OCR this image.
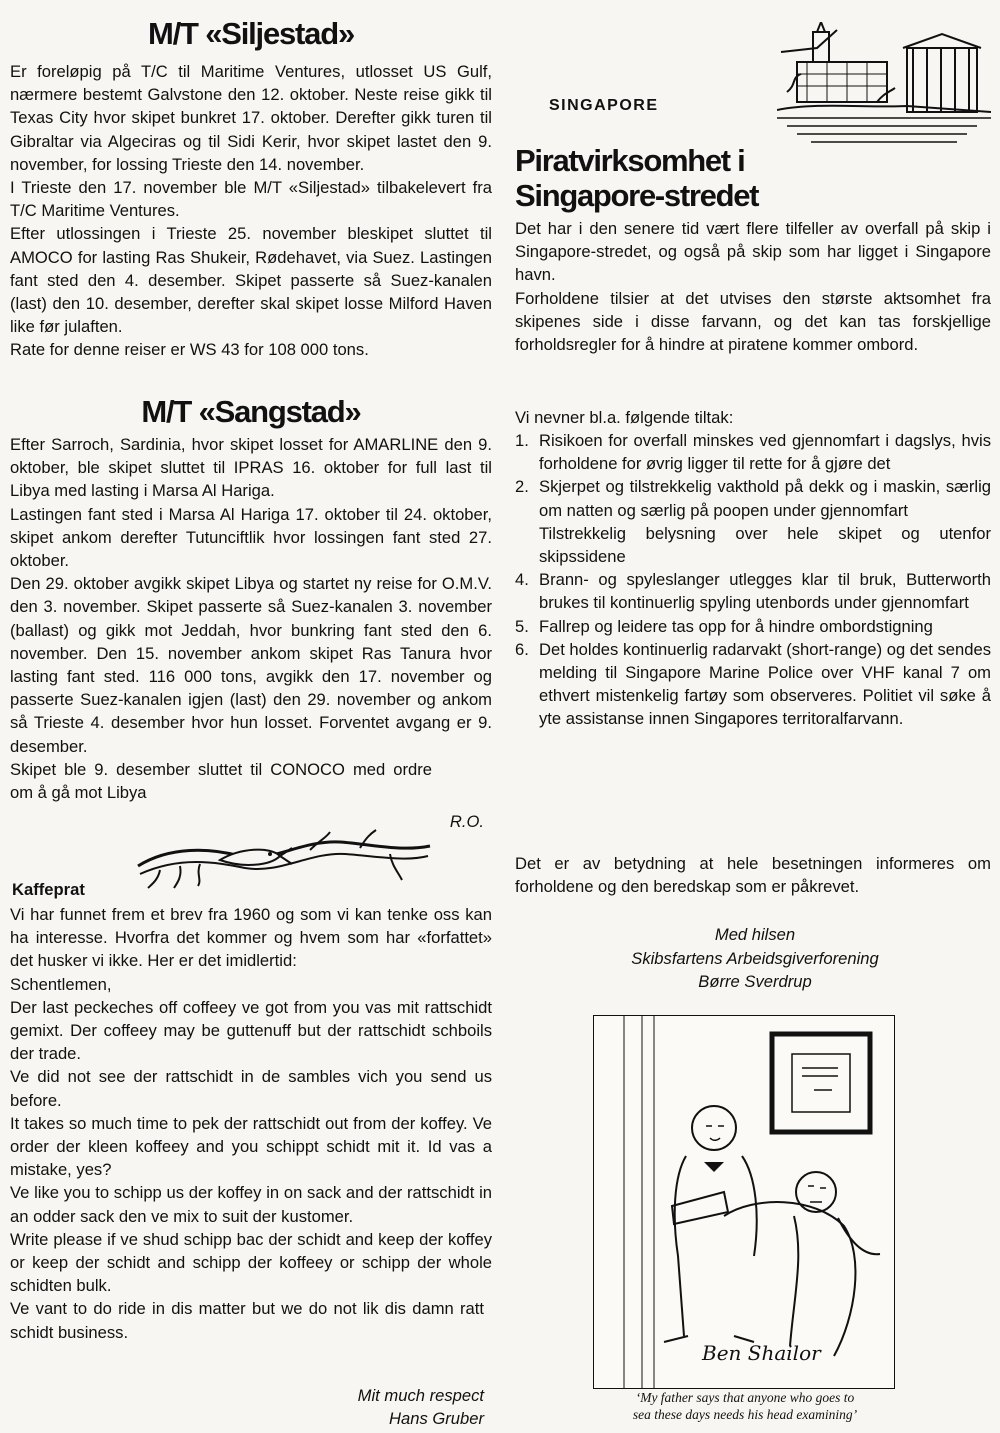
M/T «Siljestad»

Er foreløpig på T/C til Maritime Ventures, utlosset US Gulf, nærmere bestemt Galvstone den 12. oktober. Neste reise gikk til Texas City hvor skipet bunkret 17. oktober. Derefter gikk turen til Gibraltar via Algeciras og til Sidi Kerir, hvor skipet lastet den 9. november, for lossing Trieste den 14. november.

I Trieste den 17. november ble M/T «Siljestad» tilbakelevert fra T/C Maritime Ventures.

Efter utlossingen i Trieste 25. november bleskipet sluttet til AMOCO for lasting Ras Shukeir, Rødehavet, via Suez. Lastingen fant sted den 4. desember. Skipet passerte så Suez-kanalen (last) den 10. desember, derefter skal skipet losse Milford Haven like før julaften.

Rate for denne reiser er WS 43 for 108 000 tons.

M/T «Sangstad»

Efter Sarroch, Sardinia, hvor skipet losset for AMARLINE den 9. oktober, ble skipet sluttet til IPRAS 16. oktober for full last til Libya med lasting i Marsa Al Hariga.

Lastingen fant sted i Marsa Al Hariga 17. oktober til 24. oktober, skipet ankom derefter Tutunciftlik hvor lossingen fant sted 27. oktober.

Den 29. oktober avgikk skipet Libya og startet ny reise for O.M.V. den 3. november. Skipet passerte så Suez-kanalen 3. november (ballast) og gikk mot Jeddah, hvor bunkring fant sted den 6. november. Den 15. november ankom skipet Ras Tanura hvor lasting fant sted. 116 000 tons, avgikk den 17. november og passerte Suez-kanalen igjen (last) den 29. november og ankom så Trieste 4. desember hvor hun losset. Forventet avgang er 9. desember.

Skipet ble 9. desember sluttet til CONOCO med ordre om å gå mot Libya

R.O.
Kaffeprat

Vi har funnet frem et brev fra 1960 og som vi kan tenke oss kan ha interesse. Hvorfra det kommer og hvem som har «forfattet» det husker vi ikke. Her er det imidlertid:

Schentlemen,

Der last peckeches off coffeey ve got from you vas mit rattschidt gemixt. Der coffeey may be guttenuff but der rattschidt schboils der trade.

Ve did not see der rattschidt in de sambles vich you send us before.

It takes so much time to pek der rattschidt out from der koffey. Ve order der kleen koffeey and you schippt schidt mit it. Id vas a mistake, yes?

Ve like you to schipp us der koffey in on sack and der rattschidt in an odder sack den ve mix to suit der kustomer.

Write please if ve shud schipp bac der schidt and keep der koffey or keep der schidt and schipp der koffeey or schipp der whole schidten bulk.

Ve vant to do ride in dis matter but we do not lik dis damn ratt schidt business.

Mit much respect
Hans Gruber
SINGAPORE
Piratvirksomhet i
Singapore-stredet

Det har i den senere tid vært flere tilfeller av overfall på skip i Singapore-stredet, og også på skip som har ligget i Singapore havn.

Forholdene tilsier at det utvises den største aktsomhet fra skipenes side i disse farvann, og det kan tas forskjellige forholdsregler for å hindre at piratene kommer ombord.

Vi nevner bl.a. følgende tiltak:
1. Risikoen for overfall minskes ved gjennomfart i dagslys, hvis forholdene for øvrig ligger til rette for å gjøre det
2. Skjerpet og tilstrekkelig vakthold på dekk og i maskin, særlig om natten og særlig på poopen under gjennomfart
Tilstrekkelig belysning over hele skipet og utenfor skipssidene
4. Brann- og spyleslanger utlegges klar til bruk, Butterworth brukes til kontinuerlig spyling utenbords under gjennomfart
5. Fallrep og leidere tas opp for å hindre ombordstigning
6. Det holdes kontinuerlig radarvakt (short-range) og det sendes melding til Singapore Marine Police over VHF kanal 7 om ethvert mistenkelig fartøy som observeres. Politiet vil søke å yte assistanse innen Singapores territoralfarvann.

Det er av betydning at hele besetningen informeres om forholdene og den beredskap som er påkrevet.

Med hilsen

Skibsfartens Arbeidsgiverforening

Børre Sverdrup

Ben Shailor
‘My father says that anyone who goes to
sea these days needs his head examining’
